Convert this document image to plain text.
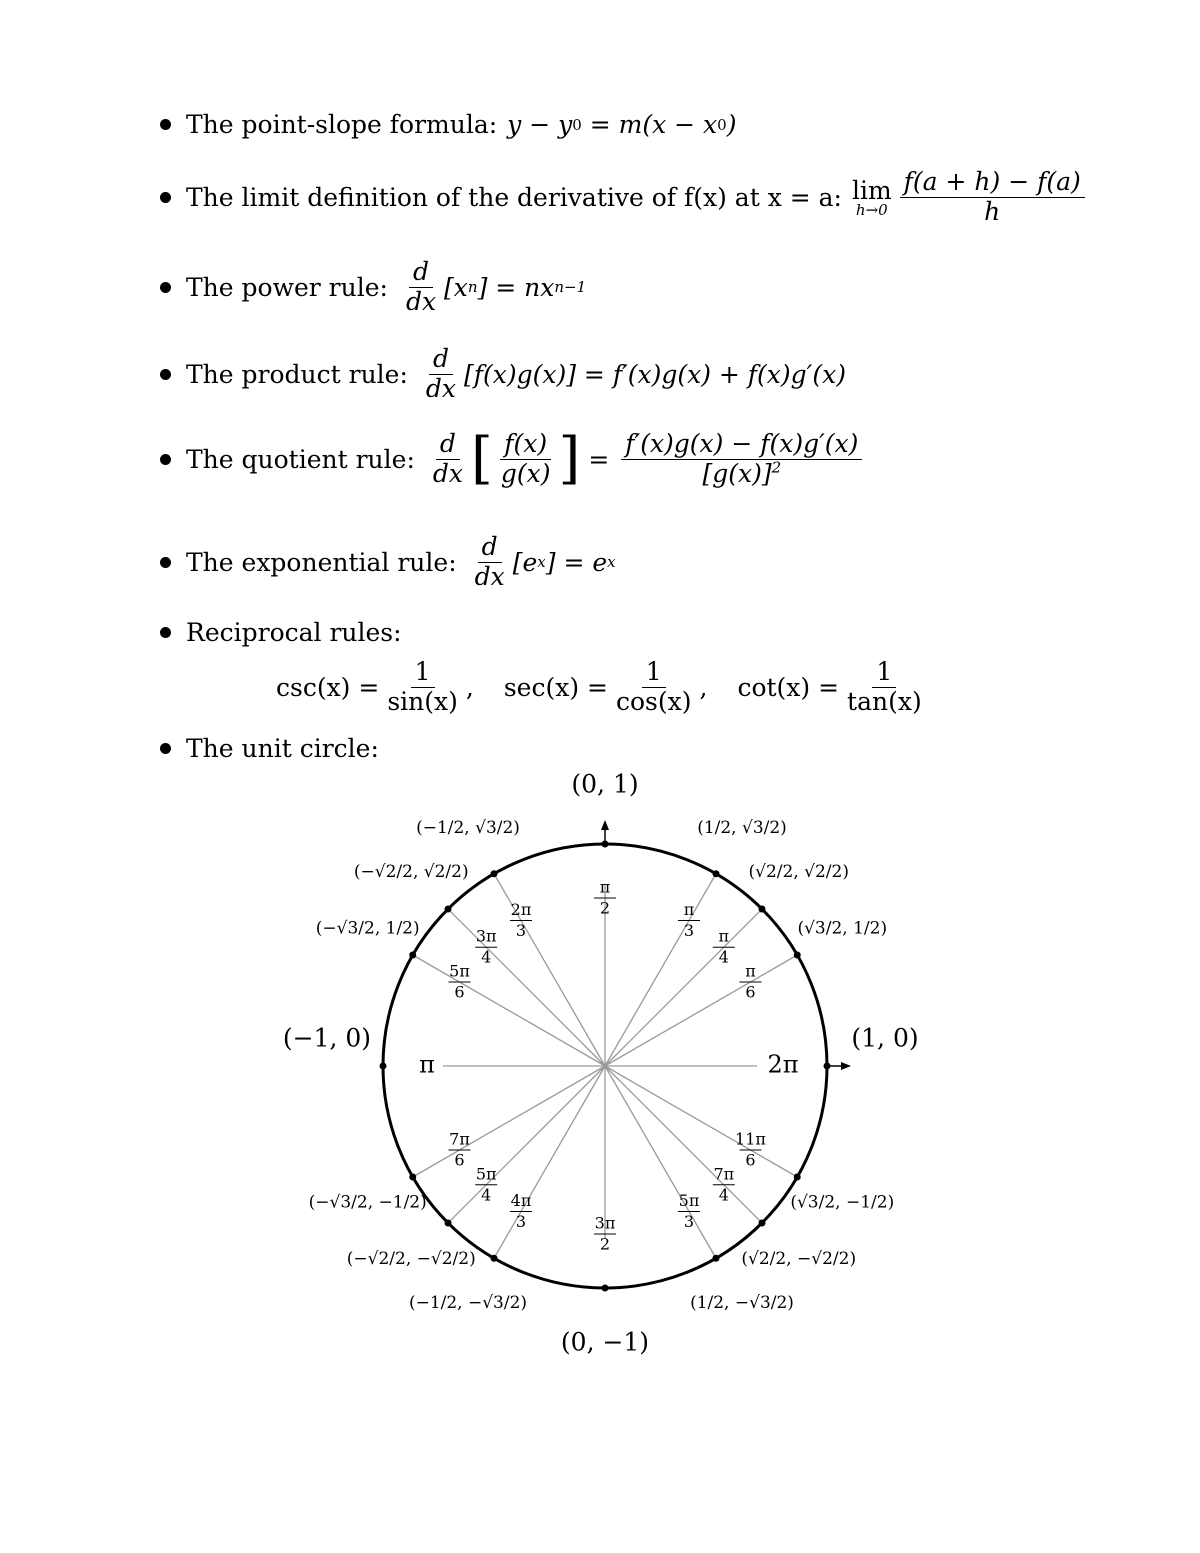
The point-slope formula: y − y 0 = m(x − x 0 )
The limit definition of the derivative of f(x) at x = a: lim
$h\to 0 \frac{f(a + h) - f(a)}{h}$
The power rule: $\frac{d}{dx} [x$ n ] = nx n−1
The product rule: $\frac{d}{dx} [f(x)g(x)] = f'(x)g(x) + f(x)g'(x)$
The quotient rule: $\frac{d}{dx}$ [ $\frac{f(x)}{g(x)}$ ] = $\frac{f'(x)g(x) - f(x)g'(x)}{[g(x)]^2}$
The exponential rule: $\frac{d}{dx} [e$ x ] = e x
Reciprocal rules:
$\csc(x) = \frac{1}{\sin(x)}$ , $\sec(x) = \frac{1}{\cos(x)}$ , $\cot(x) = \frac{1}{\tan(x)}$
The unit circle:
2π
π
6
π
4
π
3
π
2
2π
3
3π
4
5π
6
π
7π
6
5π
4 4π
3	3π
2
5π
3
7π
4
11π
6
(1, 0)
(0, 1)
(−1, 0)
(0, −1)
(√3/2, 1/2)
(√2/2, √2/2)
(1/2, √3/2)
(−1/2, √3/2)
(−√2/2, √2/2)
(−√3/2, 1/2)
(−√3/2, −1/2)
(−√2/2, −√2/2)
(−1/2, −√3/2)	(1/2, −√3/2)
(√2/2, −√2/2)
(√3/2, −1/2)
